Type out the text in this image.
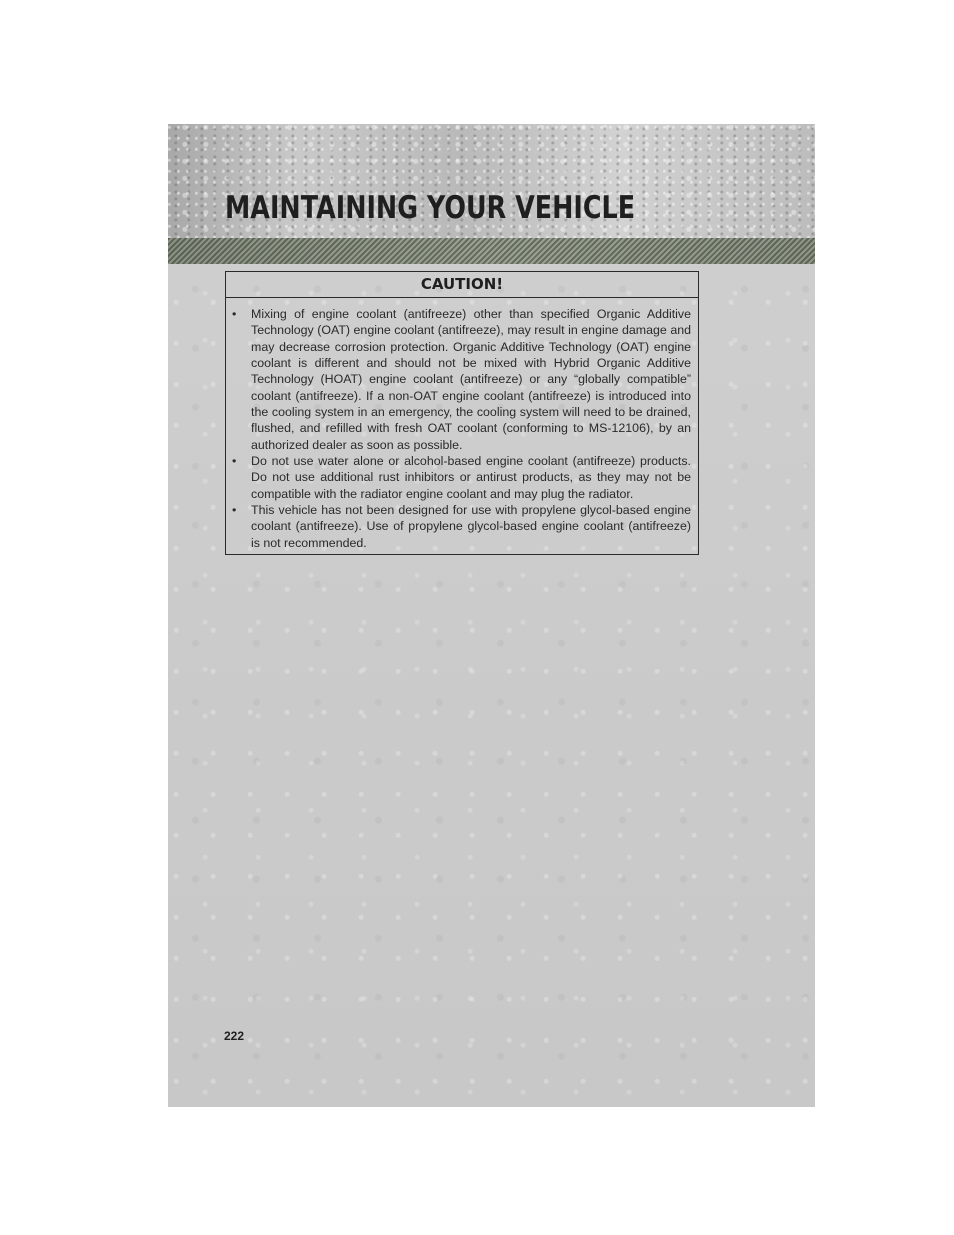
MAINTAINING YOUR VEHICLE
CAUTION!
• Mixing of engine coolant (antifreeze) other than specified Organic Additive Technology (OAT) engine coolant (antifreeze), may result in engine damage and may decrease corrosion protection. Organic Additive Technology (OAT) engine coolant is different and should not be mixed with Hybrid Organic Additive Technology (HOAT) engine coolant (antifreeze) or any “globally compatible” coolant (antifreeze). If a non-OAT engine coolant (antifreeze) is introduced into the cooling system in an emergency, the cooling system will need to be drained, flushed, and refilled with fresh OAT coolant (conforming to MS-12106), by an authorized dealer as soon as possible.
• Do not use water alone or alcohol-based engine coolant (antifreeze) products. Do not use additional rust inhibitors or antirust products, as they may not be compatible with the radiator engine coolant and may plug the radiator.
• This vehicle has not been designed for use with propylene glycol-based engine coolant (antifreeze). Use of propylene glycol-based engine coolant (antifreeze) is not recommended.
222
